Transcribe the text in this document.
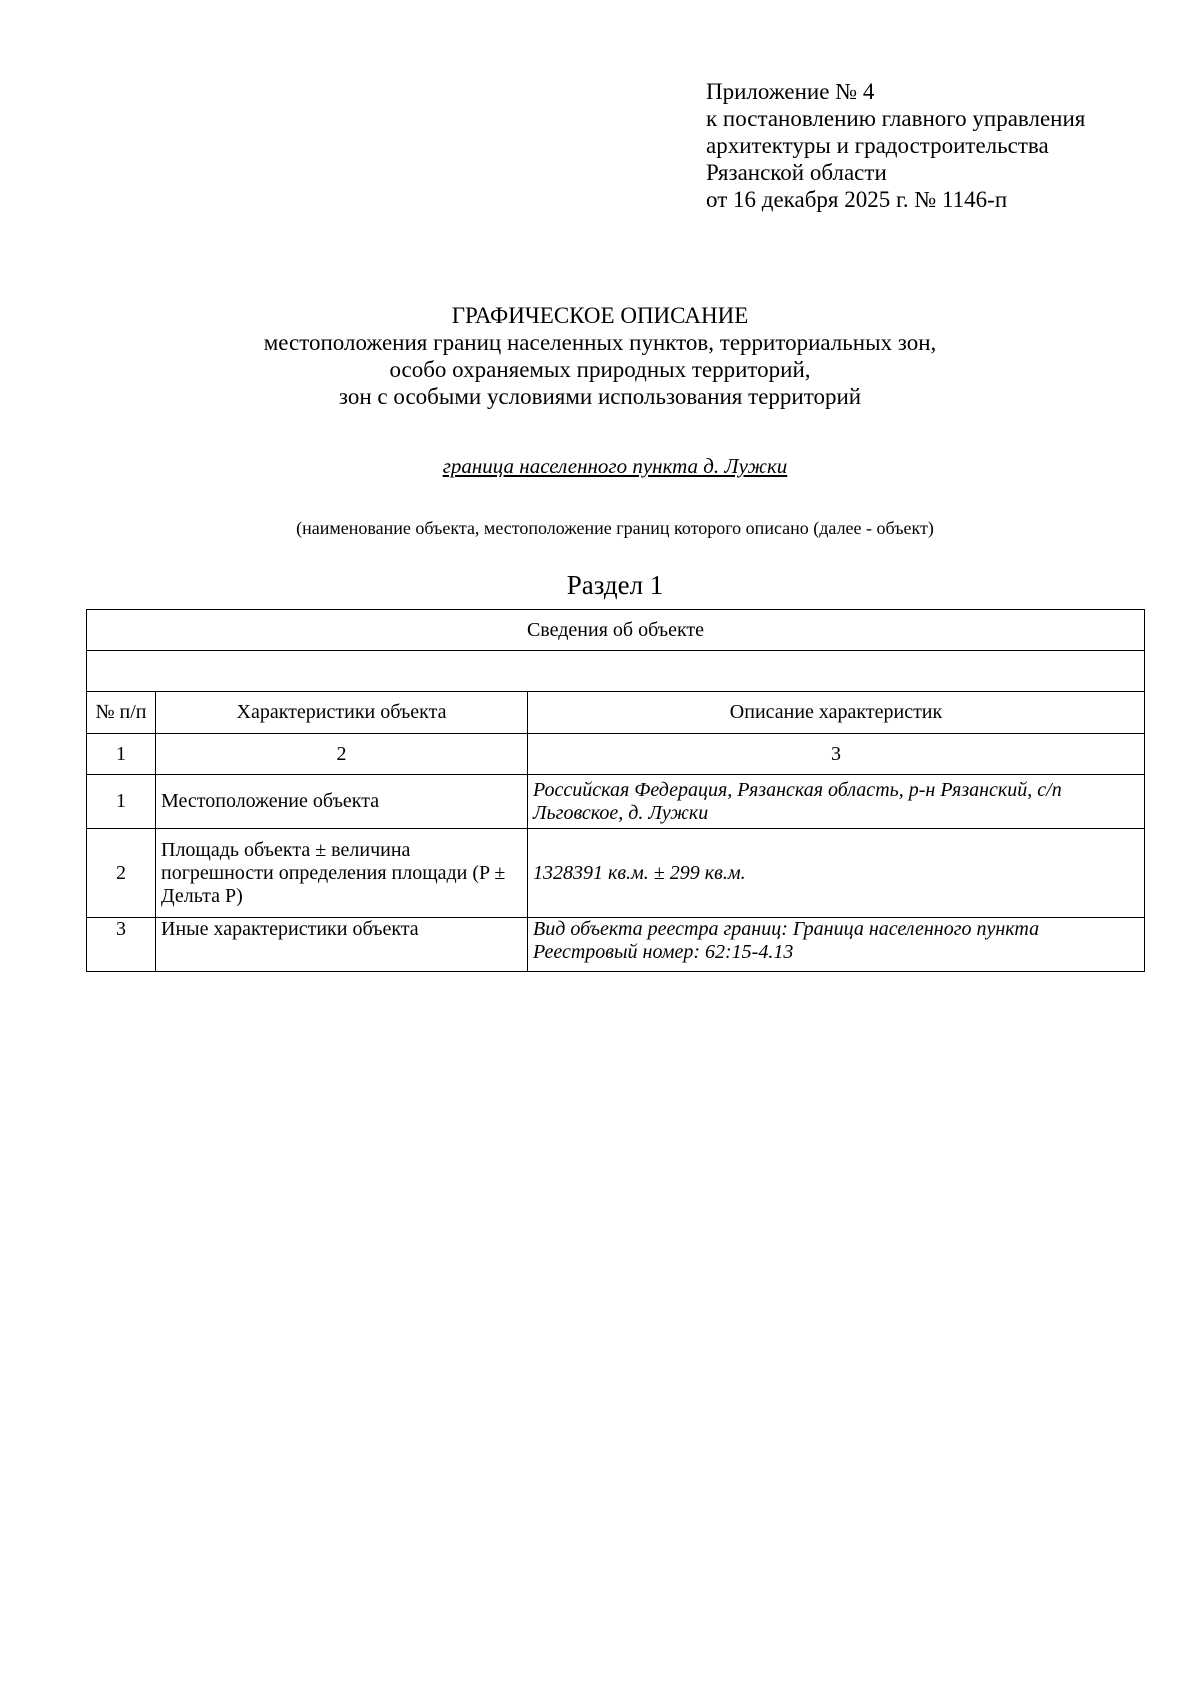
Приложение № 4
к постановлению главного управления
архитектуры и градостроительства
Рязанской области
от 16 декабря 2025 г. № 1146-п
ГРАФИЧЕСКОЕ ОПИСАНИЕ
местоположения границ населенных пунктов, территориальных зон,
особо охраняемых природных территорий,
зон с особыми условиями использования территорий
граница населенного пункта д. Лужки
(наименование объекта, местоположение границ которого описано (далее - объект)
Раздел 1
Сведения об объекте		

№ п/п	Характеристики объекта	Описание характеристик
1	2	3
1	Местоположение объекта	Российская Федерация, Рязанская область, р-н Рязанский, с/п Льговское, д. Лужки

2	Площадь объекта ± величина погрешности определения площади (P ± Дельта P)	1328391 кв.м. ± 299 кв.м.

3	Иные характеристики объекта	Вид объекта реестра границ: Граница населенного пункта
Реестровый номер: 62:15-4.13
